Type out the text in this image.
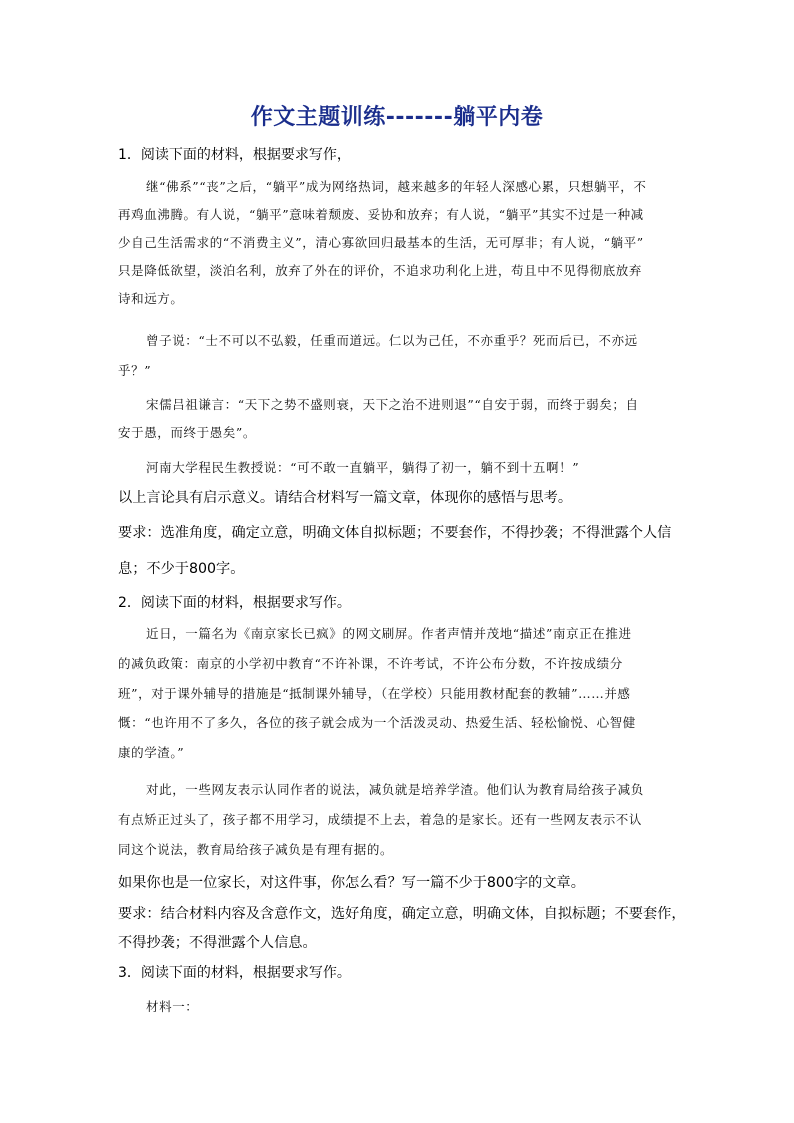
作文主题训练-------躺平内卷
1．阅读下面的材料，根据要求写作，
继“佛系”“丧”之后，“躺平”成为网络热词，越来越多的年轻人深感心累，只想躺平，不
再鸡血沸腾。有人说，“躺平”意味着颓废、妥协和放弃；有人说，“躺平”其实不过是一种减
少自己生活需求的“不消费主义”，清心寡欲回归最基本的生活，无可厚非；有人说，“躺平”
只是降低欲望，淡泊名利，放弃了外在的评价，不追求功利化上进，苟且中不见得彻底放弃
诗和远方。
曾子说：“士不可以不弘毅，任重而道远。仁以为己任，不亦重乎？死而后已，不亦远
乎？”
宋儒吕祖谦言：“天下之势不盛则衰，天下之治不进则退”“自安于弱，而终于弱矣；自
安于愚，而终于愚矣”。
河南大学程民生教授说：“可不敢一直躺平，躺得了初一，躺不到十五啊！”
以上言论具有启示意义。请结合材料写一篇文章，体现你的感悟与思考。
要求：选准角度，确定立意，明确文体自拟标题；不要套作，不得抄袭；不得泄露个人信
息；不少于800字。
2．阅读下面的材料，根据要求写作。
近日，一篇名为《南京家长已疯》的网文刷屏。作者声情并茂地“描述”南京正在推进
的减负政策：南京的小学初中教育“不许补课，不许考试，不许公布分数，不许按成绩分
班”，对于课外辅导的措施是“抵制课外辅导，（在学校）只能用教材配套的教辅”……并感
慨：“也许用不了多久，各位的孩子就会成为一个活泼灵动、热爱生活、轻松愉悦、心智健
康的学渣。”
对此，一些网友表示认同作者的说法，减负就是培养学渣。他们认为教育局给孩子减负
有点矫正过头了，孩子都不用学习，成绩提不上去，着急的是家长。还有一些网友表示不认
同这个说法，教育局给孩子减负是有理有据的。
如果你也是一位家长，对这件事，你怎么看？写一篇不少于800字的文章。
要求：结合材料内容及含意作文，选好角度，确定立意，明确文体，自拟标题；不要套作，
不得抄袭；不得泄露个人信息。
3．阅读下面的材料，根据要求写作。
材料一：
